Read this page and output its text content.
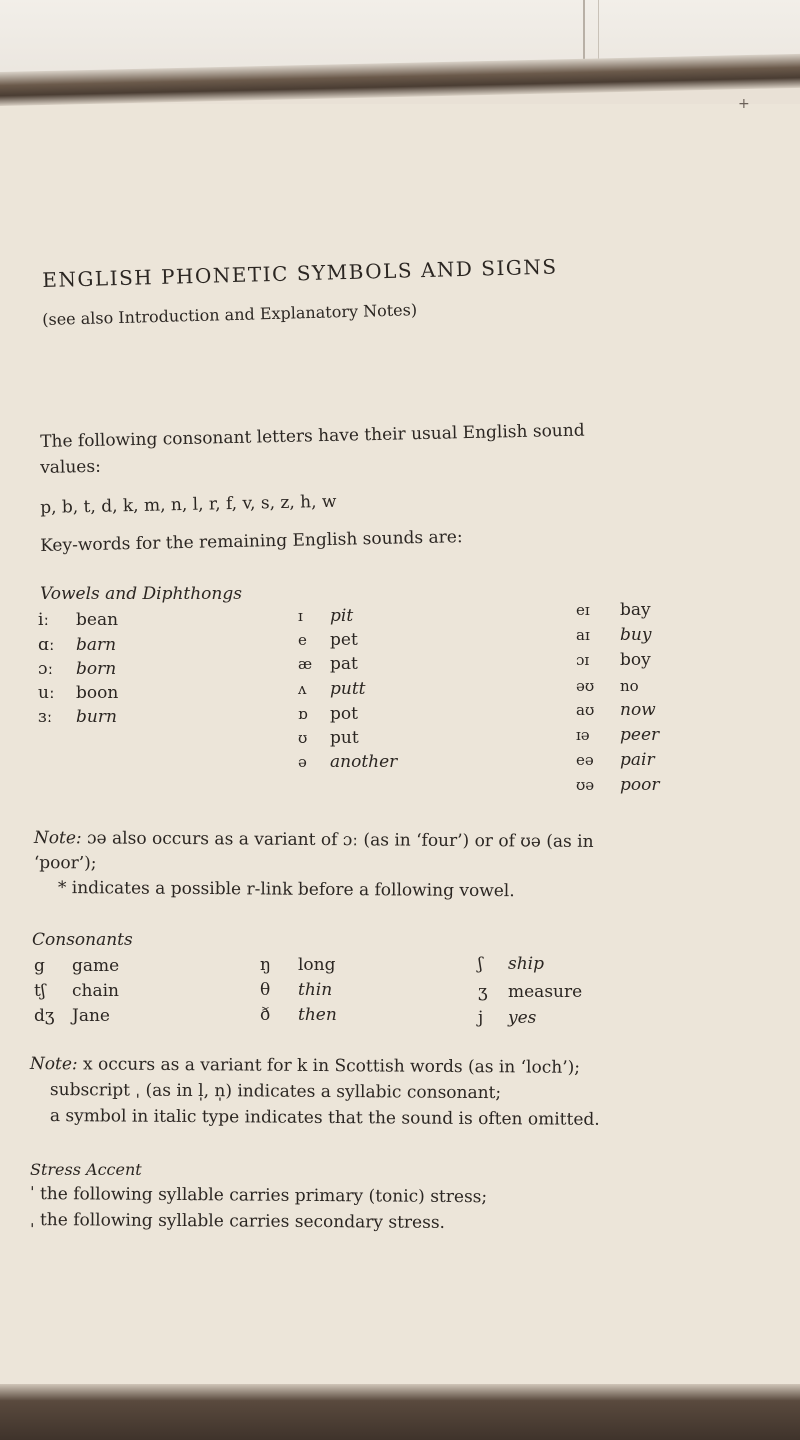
+
ENGLISH PHONETIC SYMBOLS AND SIGNS
(see also Introduction and Explanatory Notes)
The following consonant letters have their usual English sound
values:
p, b, t, d, k, m, n, l, r, f, v, s, z, h, w
Key-words for the remaining English sounds are:
Vowels and Diphthongs
iː bean
ɑː barn
ɔː born
uː boon
ɜː burn
ɪ pit
e pet
æ pat
ʌ putt
ɒ pot
ʊ put
ə another
eɪ bay
aɪ buy
ɔɪ boy
əʊ no
aʊ now
ɪə peer
eə pair
ʊə poor
Note: ɔə also occurs as a variant of ɔː (as in ‘four’) or of ʊə (as in
‘poor’);
* indicates a possible r-link before a following vowel.
Consonants
g game
tʃ chain
dʒ Jane
ŋ long
θ thin
ð then
ʃ ship
ʒ measure
j yes
Note: x occurs as a variant for k in Scottish words (as in ‘loch’);
subscript ˌ (as in l̩, n̩) indicates a syllabic consonant;
a symbol in italic type indicates that the sound is often omitted.
Stress Accent
ˈ the following syllable carries primary (tonic) stress;
ˌ the following syllable carries secondary stress.
